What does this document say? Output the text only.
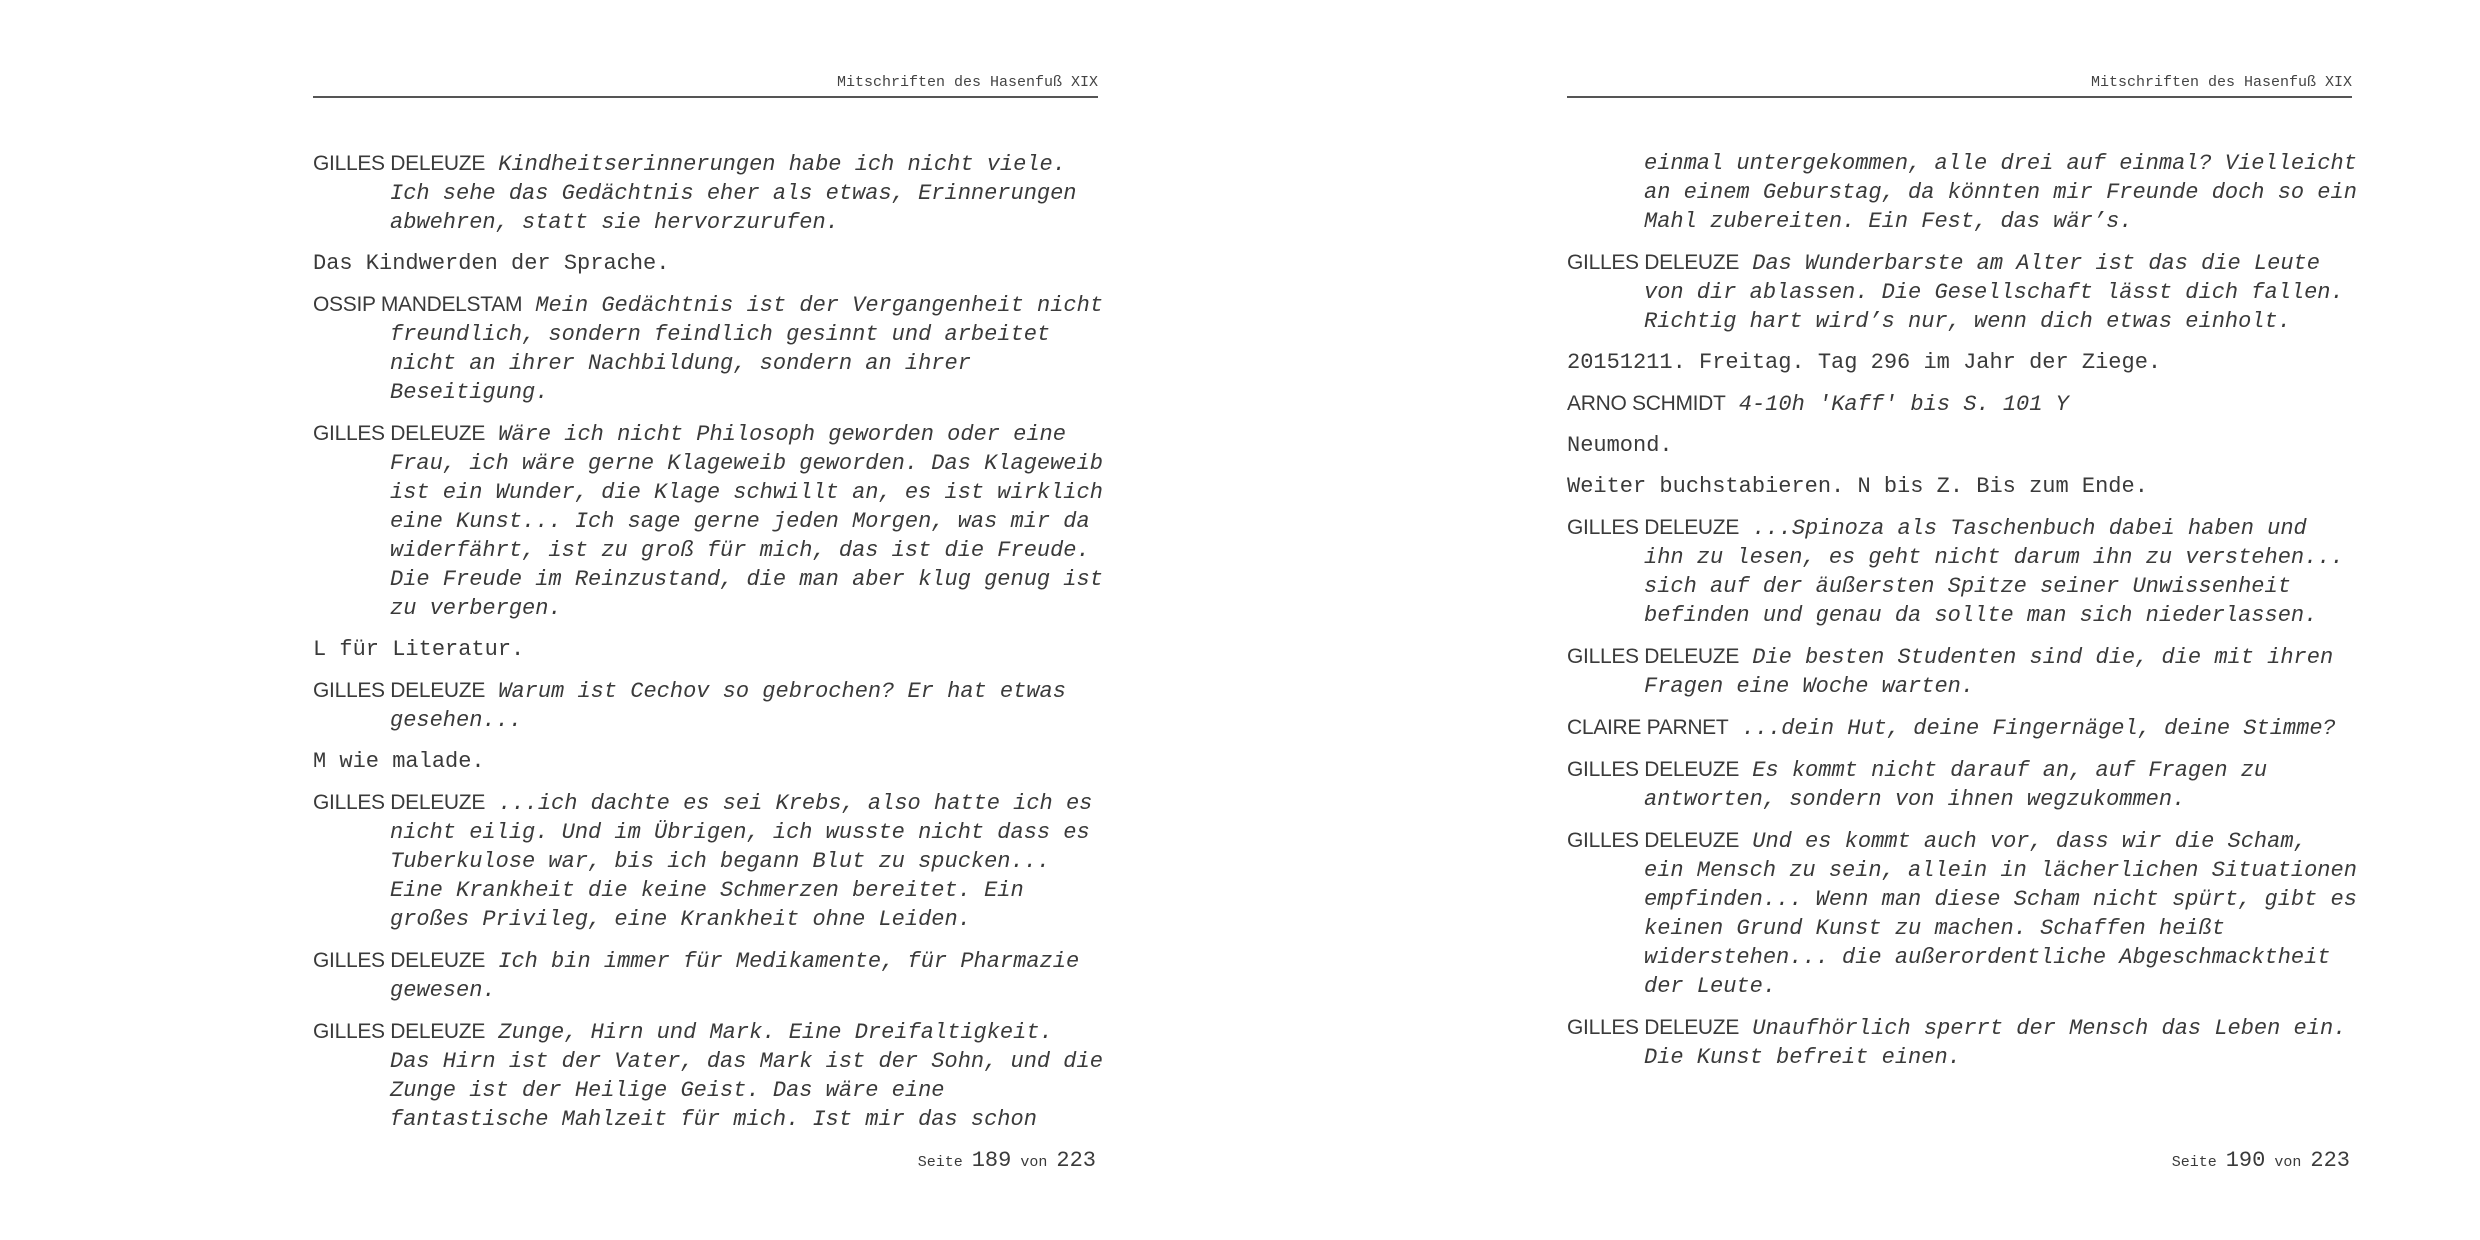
Mitschriften des Hasenfuß XIX
GILLES DELEUZE Kindheitserinnerungen habe ich nicht viele.
Ich sehe das Gedächtnis eher als etwas, Erinnerungen
abwehren, statt sie hervorzurufen.
Das Kindwerden der Sprache.
OSSIP MANDELSTAM Mein Gedächtnis ist der Vergangenheit nicht
freundlich, sondern feindlich gesinnt und arbeitet
nicht an ihrer Nachbildung, sondern an ihrer
Beseitigung.
GILLES DELEUZE Wäre ich nicht Philosoph geworden oder eine
Frau, ich wäre gerne Klageweib geworden. Das Klageweib
ist ein Wunder, die Klage schwillt an, es ist wirklich
eine Kunst... Ich sage gerne jeden Morgen, was mir da
widerfährt, ist zu groß für mich, das ist die Freude.
Die Freude im Reinzustand, die man aber klug genug ist
zu verbergen.
L für Literatur.
GILLES DELEUZE Warum ist Cechov so gebrochen? Er hat etwas
gesehen...
M wie malade.
GILLES DELEUZE ...ich dachte es sei Krebs, also hatte ich es
nicht eilig. Und im Übrigen, ich wusste nicht dass es
Tuberkulose war, bis ich begann Blut zu spucken...
Eine Krankheit die keine Schmerzen bereitet. Ein
großes Privileg, eine Krankheit ohne Leiden.
GILLES DELEUZE Ich bin immer für Medikamente, für Pharmazie
gewesen.
GILLES DELEUZE Zunge, Hirn und Mark. Eine Dreifaltigkeit.
Das Hirn ist der Vater, das Mark ist der Sohn, und die
Zunge ist der Heilige Geist. Das wäre eine
fantastische Mahlzeit für mich. Ist mir das schon
Seite 189 von 223
Mitschriften des Hasenfuß XIX
einmal untergekommen, alle drei auf einmal? Vielleicht
an einem Geburstag, da könnten mir Freunde doch so ein
Mahl zubereiten. Ein Fest, das wär’s.
GILLES DELEUZE Das Wunderbarste am Alter ist das die Leute
von dir ablassen. Die Gesellschaft lässt dich fallen.
Richtig hart wird’s nur, wenn dich etwas einholt.
20151211. Freitag. Tag 296 im Jahr der Ziege.
ARNO SCHMIDT 4-10h 'Kaff' bis S. 101 Y
Neumond.
Weiter buchstabieren. N bis Z. Bis zum Ende.
GILLES DELEUZE ...Spinoza als Taschenbuch dabei haben und
ihn zu lesen, es geht nicht darum ihn zu verstehen...
sich auf der äußersten Spitze seiner Unwissenheit
befinden und genau da sollte man sich niederlassen.
GILLES DELEUZE Die besten Studenten sind die, die mit ihren
Fragen eine Woche warten.
CLAIRE PARNET ...dein Hut, deine Fingernägel, deine Stimme?
GILLES DELEUZE Es kommt nicht darauf an, auf Fragen zu
antworten, sondern von ihnen wegzukommen.
GILLES DELEUZE Und es kommt auch vor, dass wir die Scham,
ein Mensch zu sein, allein in lächerlichen Situationen
empfinden... Wenn man diese Scham nicht spürt, gibt es
keinen Grund Kunst zu machen. Schaffen heißt
widerstehen... die außerordentliche Abgeschmacktheit
der Leute.
GILLES DELEUZE Unaufhörlich sperrt der Mensch das Leben ein.
Die Kunst befreit einen.
Seite 190 von 223
